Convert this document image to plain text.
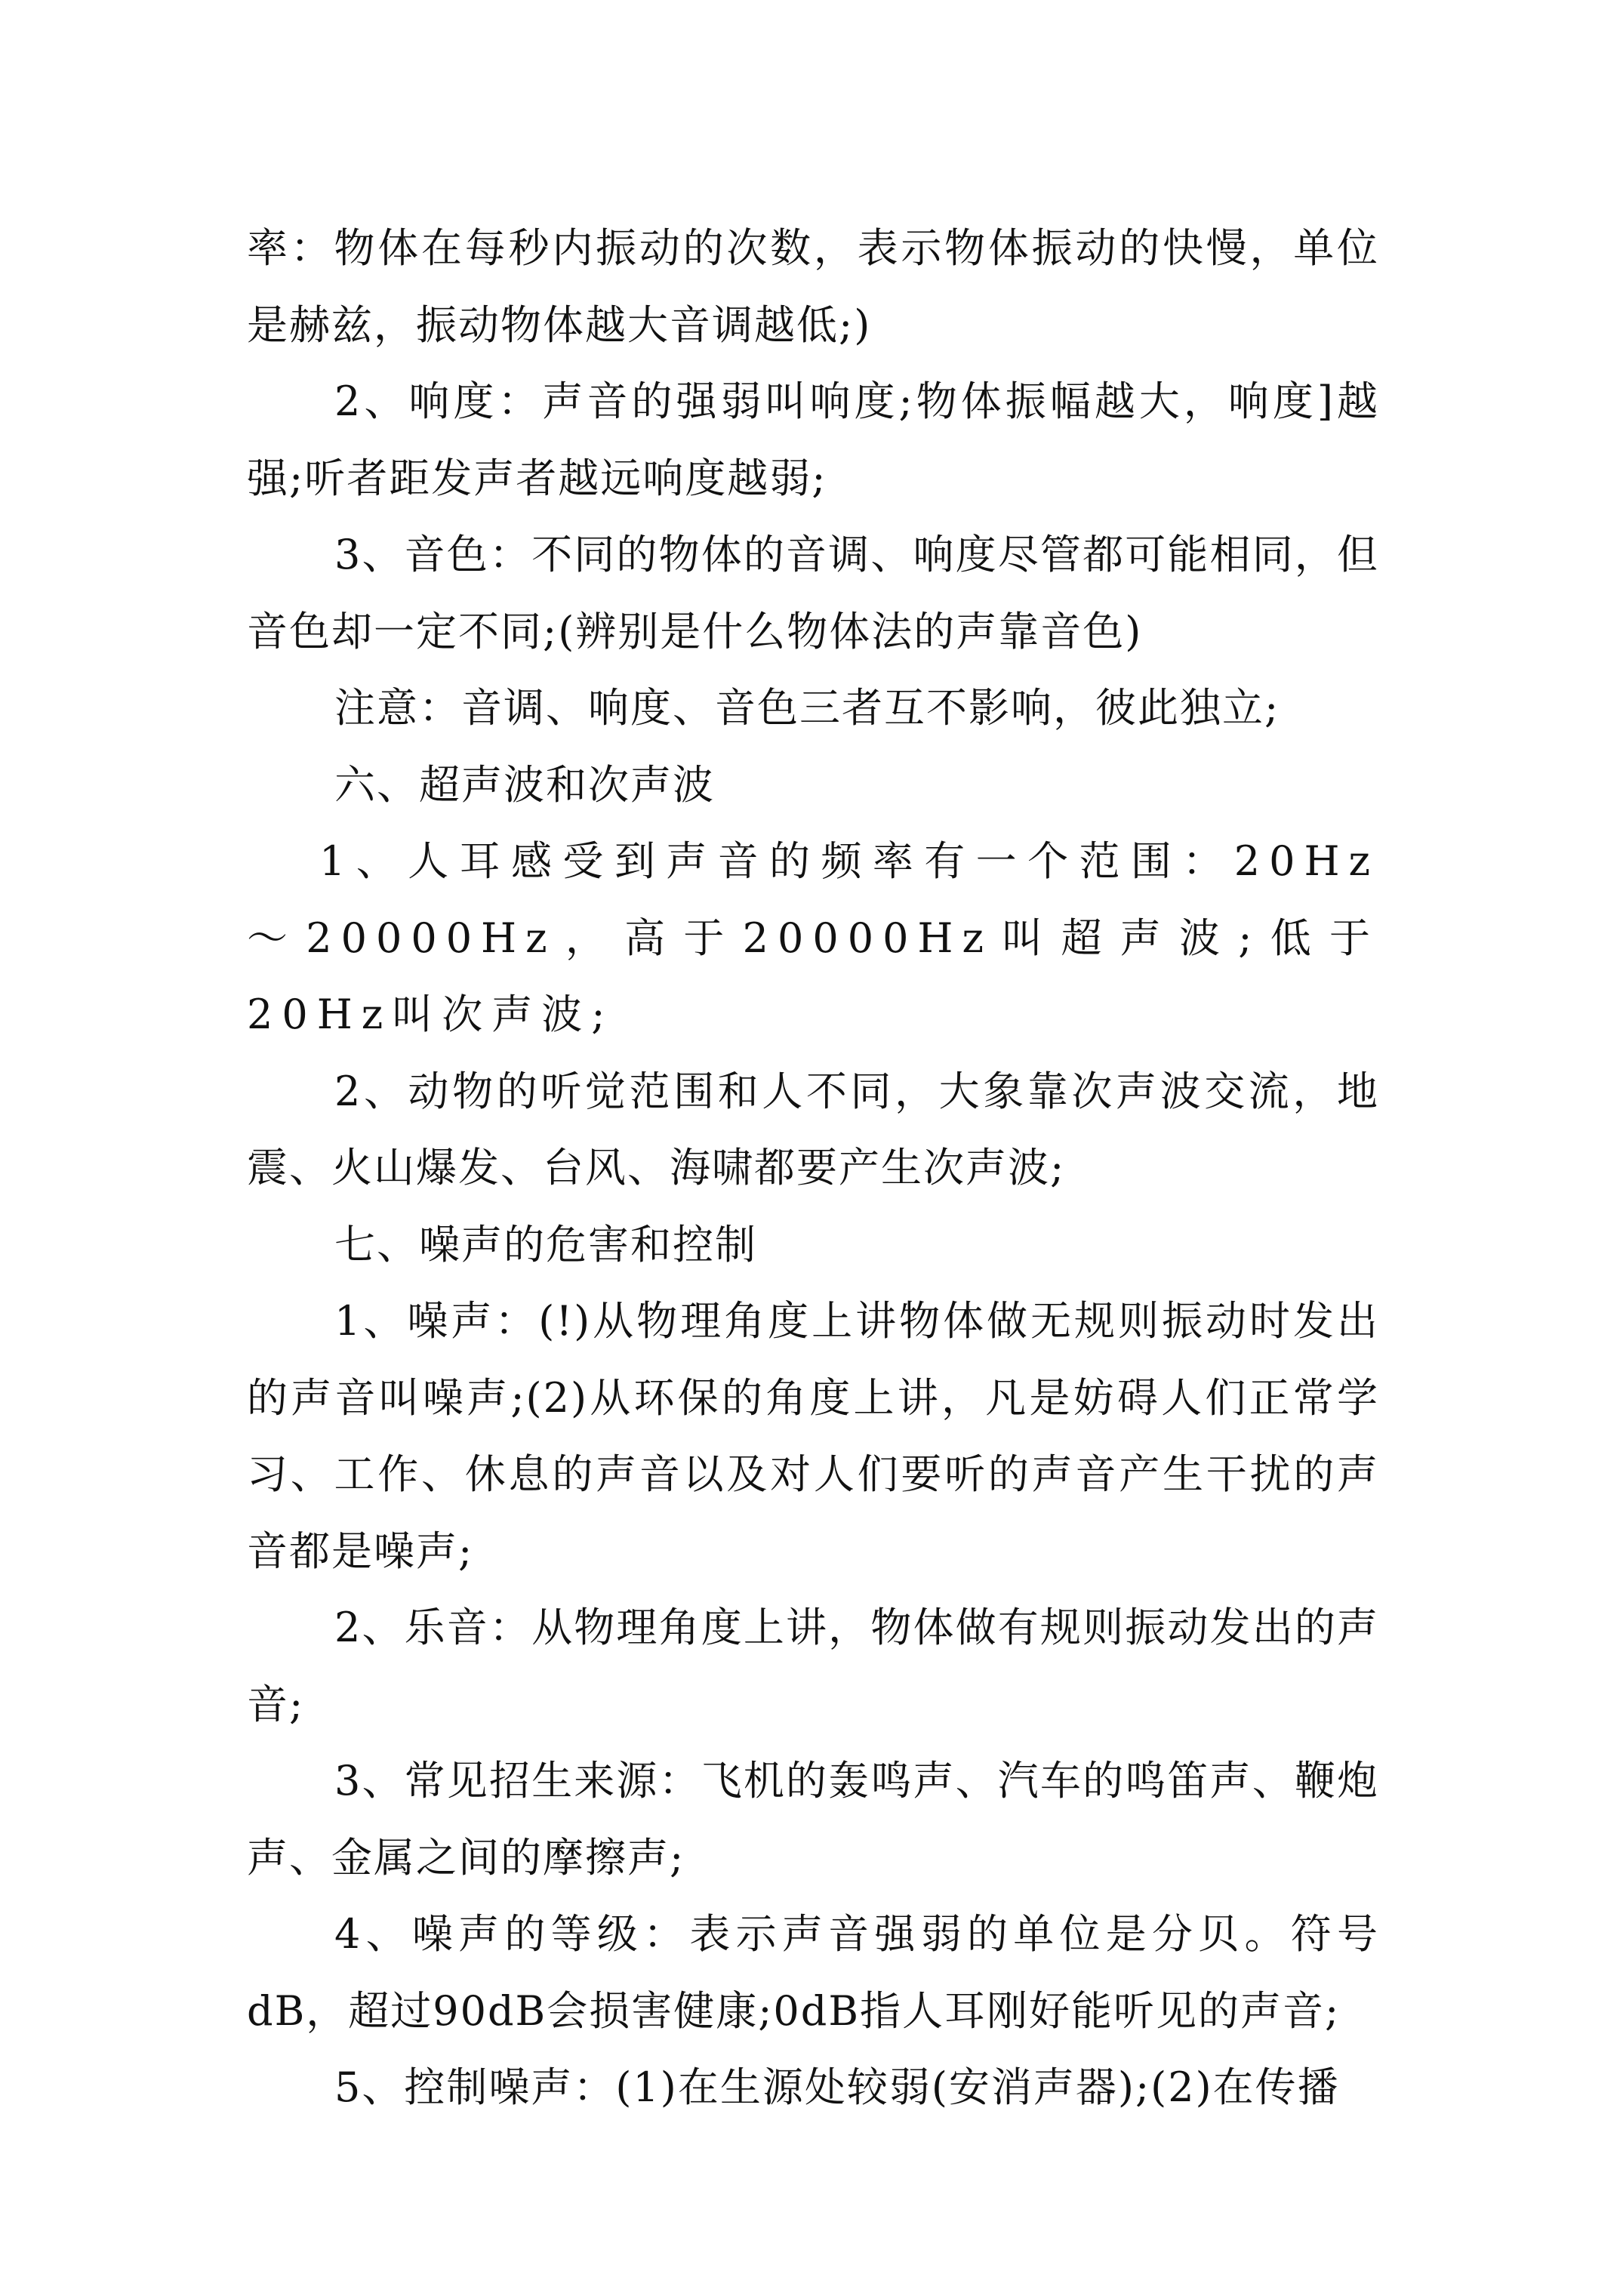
率：物体在每秒内振动的次数，表示物体振动的快慢，单位是赫兹，振动物体越大音调越低;)

2、响度：声音的强弱叫响度;物体振幅越大，响度]越强;听者距发声者越远响度越弱;

3、音色：不同的物体的音调、响度尽管都可能相同，但音色却一定不同;(辨别是什么物体法的声靠音色)

注意：音调、响度、音色三者互不影响，彼此独立;

六、超声波和次声波

1、人耳感受到声音的频率有一个范围：20Hz～20000Hz，高于20000Hz叫超声波;低于20Hz叫次声波;

2、动物的听觉范围和人不同，大象靠次声波交流，地震、火山爆发、台风、海啸都要产生次声波;

七、噪声的危害和控制

1、噪声：(!)从物理角度上讲物体做无规则振动时发出的声音叫噪声;(2)从环保的角度上讲，凡是妨碍人们正常学习、工作、休息的声音以及对人们要听的声音产生干扰的声音都是噪声;

2、乐音：从物理角度上讲，物体做有规则振动发出的声音;

3、常见招生来源：飞机的轰鸣声、汽车的鸣笛声、鞭炮声、金属之间的摩擦声;

4、噪声的等级：表示声音强弱的单位是分贝。符号dB，超过90dB会损害健康;0dB指人耳刚好能听见的声音;

5、控制噪声：(1)在生源处较弱(安消声器);(2)在传播
